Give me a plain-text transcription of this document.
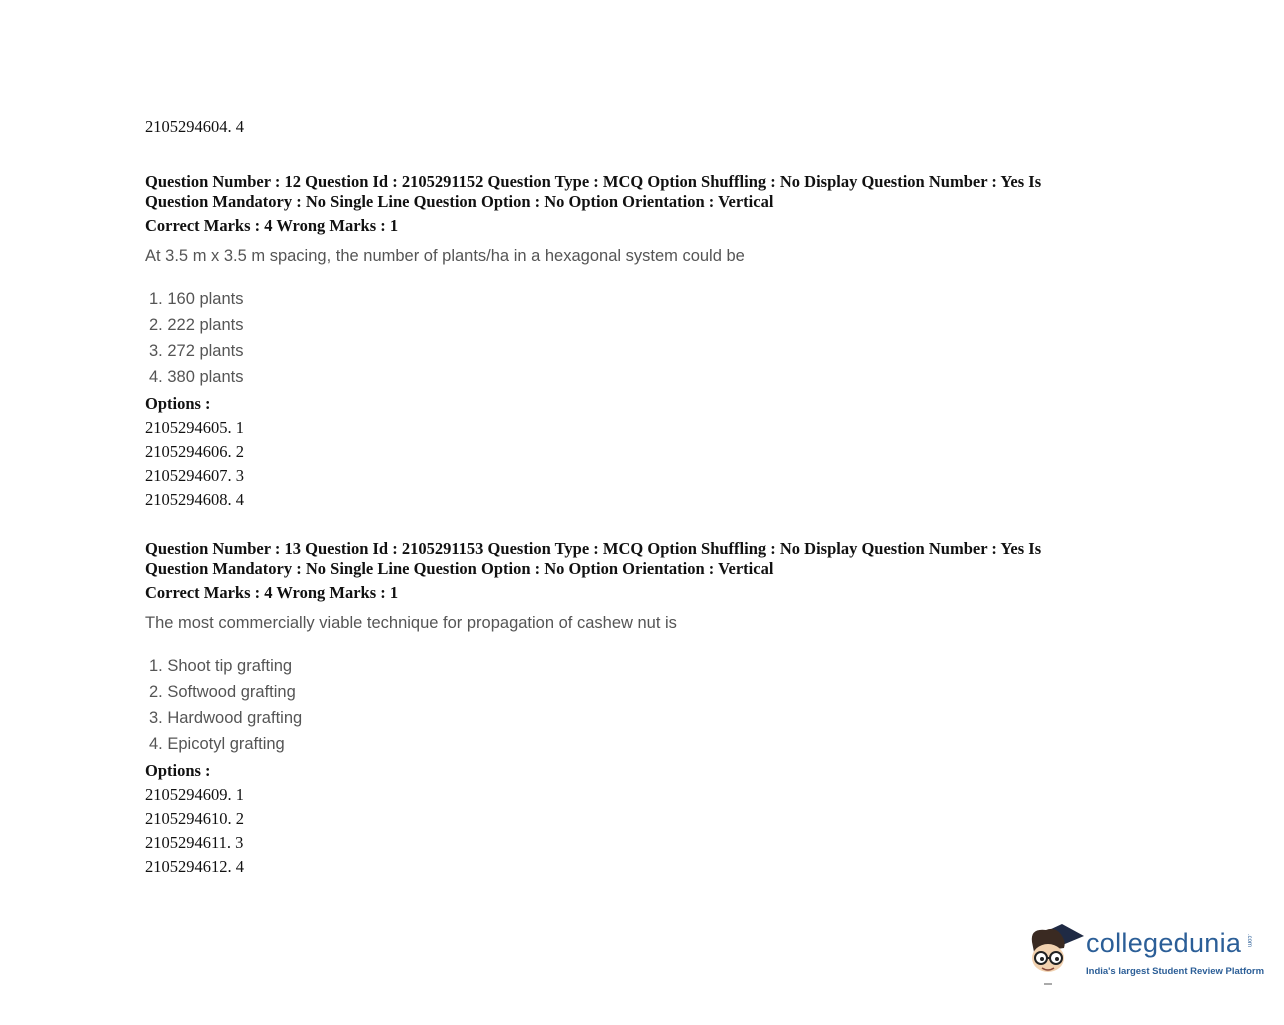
2105294604. 4

Question Number : 12 Question Id : 2105291152 Question Type : MCQ Option Shuffling : No Display Question Number : Yes Is

Question Mandatory : No Single Line Question Option : No Option Orientation : Vertical

Correct Marks : 4 Wrong Marks : 1

At 3.5 m x 3.5 m spacing, the number of plants/ha in a hexagonal system could be

1. 160 plants
2. 222 plants
3. 272 plants
4. 380 plants

Options :

2105294605. 1

2105294606. 2

2105294607. 3

2105294608. 4

Question Number : 13 Question Id : 2105291153 Question Type : MCQ Option Shuffling : No Display Question Number : Yes Is

Question Mandatory : No Single Line Question Option : No Option Orientation : Vertical

Correct Marks : 4 Wrong Marks : 1

The most commercially viable technique for propagation of cashew nut is

1. Shoot tip grafting
2. Softwood grafting
3. Hardwood grafting
4. Epicotyl grafting

Options :

2105294609. 1

2105294610. 2

2105294611. 3

2105294612. 4

collegedunia .com
India's largest Student Review Platform
